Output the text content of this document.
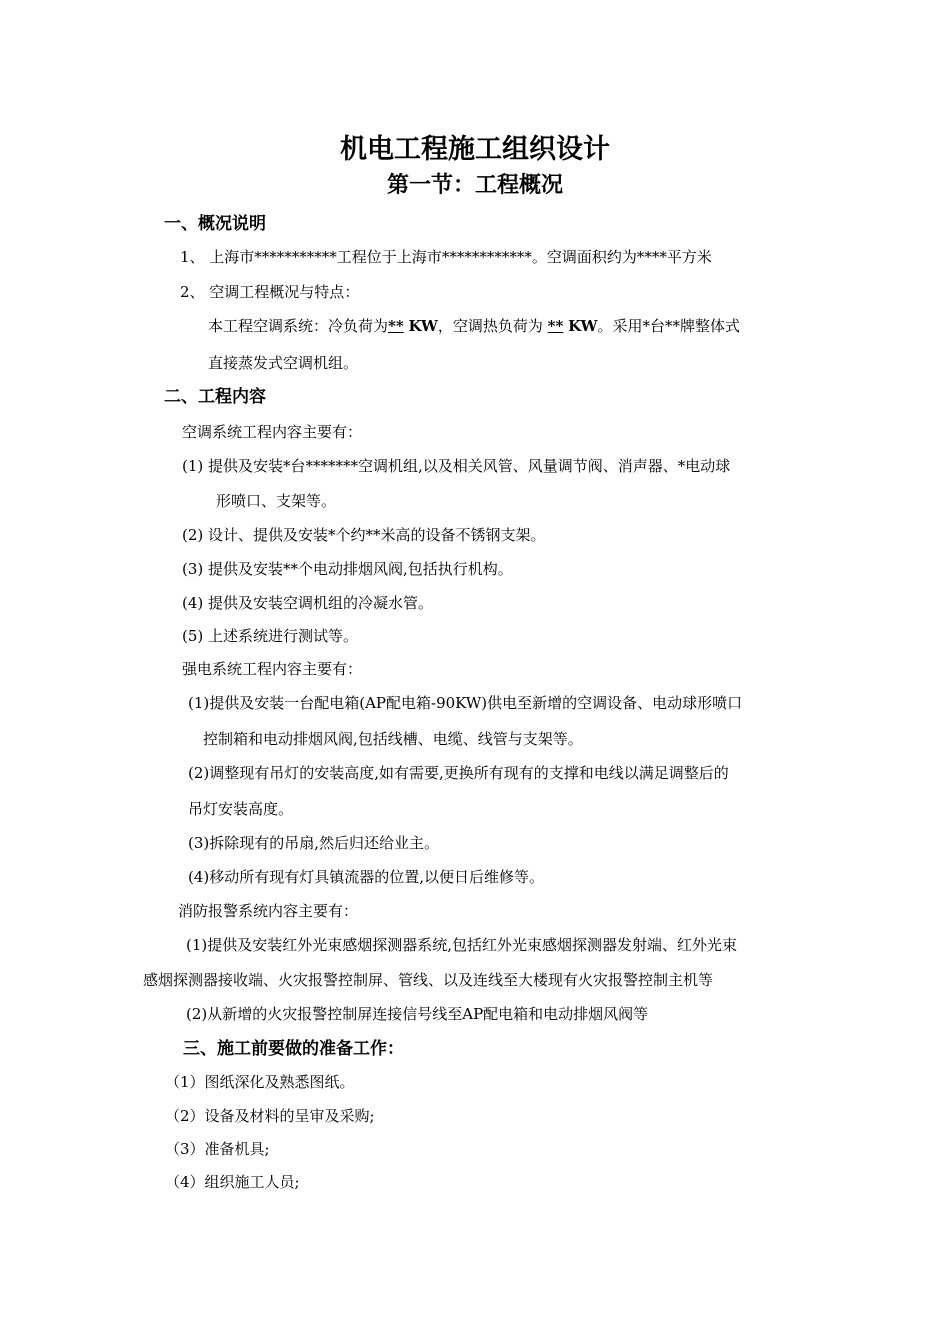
机电工程施工组织设计
第一节：工程概况
一、概况说明
1、 上海市***********工程位于上海市************。空调面积约为****平方米
2、 空调工程概况与特点：
本工程空调系统：冷负荷为** KW，空调热负荷为 ** KW。采用*台**牌整体式
直接蒸发式空调机组。
二、工程内容
空调系统工程内容主要有：
(1) 提供及安装*台*******空调机组,以及相关风管、风量调节阀、消声器、*电动球
形喷口、支架等。
(2) 设计、提供及安装*个约**米高的设备不锈钢支架。
(3) 提供及安装**个电动排烟风阀,包括执行机构。
(4) 提供及安装空调机组的冷凝水管。
(5) 上述系统进行测试等。
强电系统工程内容主要有：
(1)提供及安装一台配电箱(AP配电箱-90KW)供电至新增的空调设备、电动球形喷口
控制箱和电动排烟风阀,包括线槽、电缆、线管与支架等。
(2)调整现有吊灯的安装高度,如有需要,更换所有现有的支撑和电线以满足调整后的
吊灯安装高度。
(3)拆除现有的吊扇,然后归还给业主。
(4)移动所有现有灯具镇流器的位置,以便日后维修等。
消防报警系统内容主要有：
(1)提供及安装红外光束感烟探测器系统,包括红外光束感烟探测器发射端、红外光束
感烟探测器接收端、火灾报警控制屏、管线、以及连线至大楼现有火灾报警控制主机等
(2)从新增的火灾报警控制屏连接信号线至AP配电箱和电动排烟风阀等
三、施工前要做的准备工作：
（1）图纸深化及熟悉图纸。
（2）设备及材料的呈审及采购;
（3）准备机具;
（4）组织施工人员;
